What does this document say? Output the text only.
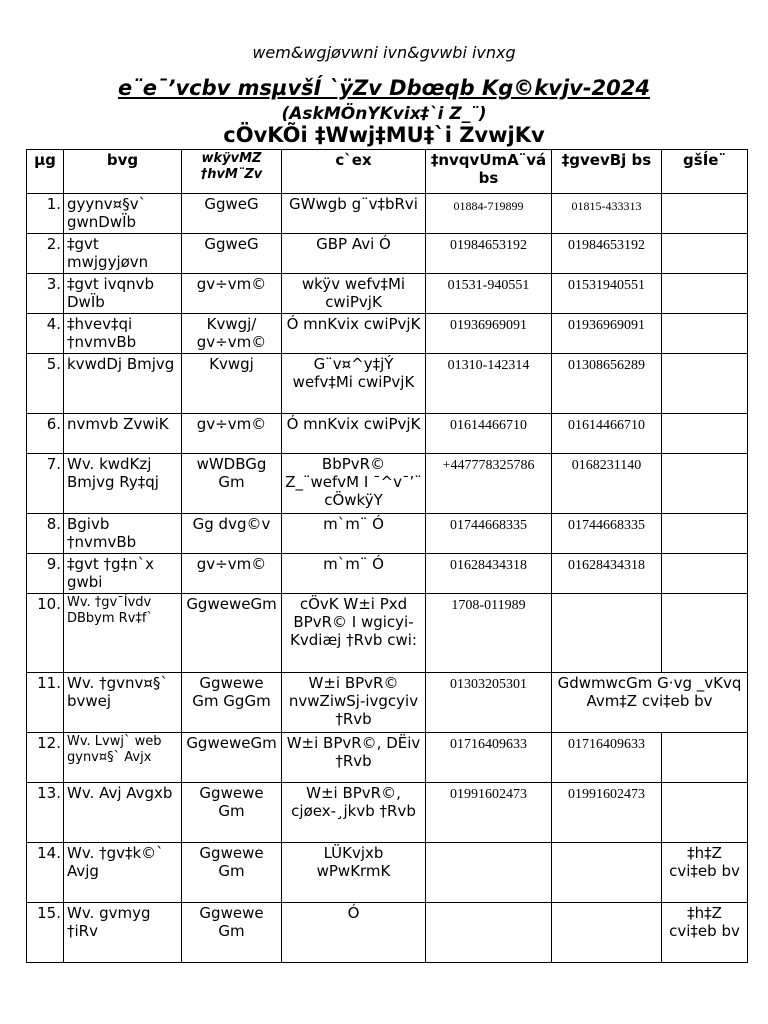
wem&wgjøvwni ivn&gvwbi ivnxg
e¨e¯’vcbv msµvšÍ `ÿZv Dbœqb Kg©kvjv-2024
(AskMÖnYKvix‡`i Z_¨)
cÖvKÕi ‡Wwj‡MU‡`i ZvwjKv
µg	bvg	wkÿvMZ †hvM¨Zv	c`ex	‡nvqvUmA¨vá bs	‡gvevBj bs	gšÍe¨
1.	gyynv¤§v` gwnDwÏb	GgweG	GWwgb g¨v‡bRvi	01884-719899	01815-433313	
2.	‡gvt mwjgyjøvn	GgweG	GBP Avi Ó	01984653192	01984653192	
3.	‡gvt ivqnvb DwÏb	gv÷vm©	wkÿv wefv‡Mi cwiPvjK	01531-940551	01531940551	
4.	‡hvev‡qi †nvmvBb	Kvwgj/ gv÷vm©	Ó mnKvix cwiPvjK	01936969091	01936969091	
5.	kvwdDj Bmjvg	Kvwgj	G¨v¤^y‡jÝ wefv‡Mi cwiPvjK	01310-142314	01308656289	
6.	nvmvb ZvwiK	gv÷vm©	Ó mnKvix cwiPvjK	01614466710	01614466710	
7.	Wv. kwdKzj Bmjvg Ry‡qj	wWDBGg Gm	BbPvR© Z_¨wefvM I ¯^v¯’¨ cÖwkÿY	+447778325786	0168231140	
8.	Bgivb †nvmvBb	Gg dvg©v	m`m¨ Ó	01744668335	01744668335	
9.	‡gvt †g‡n`x gwbi	gv÷vm©	m`m¨ Ó	01628434318	01628434318	
10.	Wv. †gv¯Ívdv DBbym Rv‡f`	GgweweGm	cÖvK W±i Pxd BPvR© I wgicyi-Kvdiæj †Rvb cwi:	1708-011989		
11.	Wv. †gvnv¤§` bvwej	Ggwewe Gm GgGm	W±i BPvR© nvwZiwSj-ivgcyiv †Rvb	01303205301	GdwmwcGm G·vg _vKvq Avm‡Z cvi‡eb bv	
12.	Wv. Lvwj` web gynv¤§` Avjx	GgweweGm	W±i BPvR©, DËiv †Rvb	01716409633	01716409633	
13.	Wv. Avj Avgxb	Ggwewe Gm	W±i BPvR©, cjøex-¸jkvb †Rvb	01991602473	01991602473	
14.	Wv. †gv‡k©` Avjg	Ggwewe Gm	LÜKvjxb wPwKrmK			‡h‡Z cvi‡eb bv
15.	Wv. gvmyg †iRv	Ggwewe Gm	Ó			‡h‡Z cvi‡eb bv
